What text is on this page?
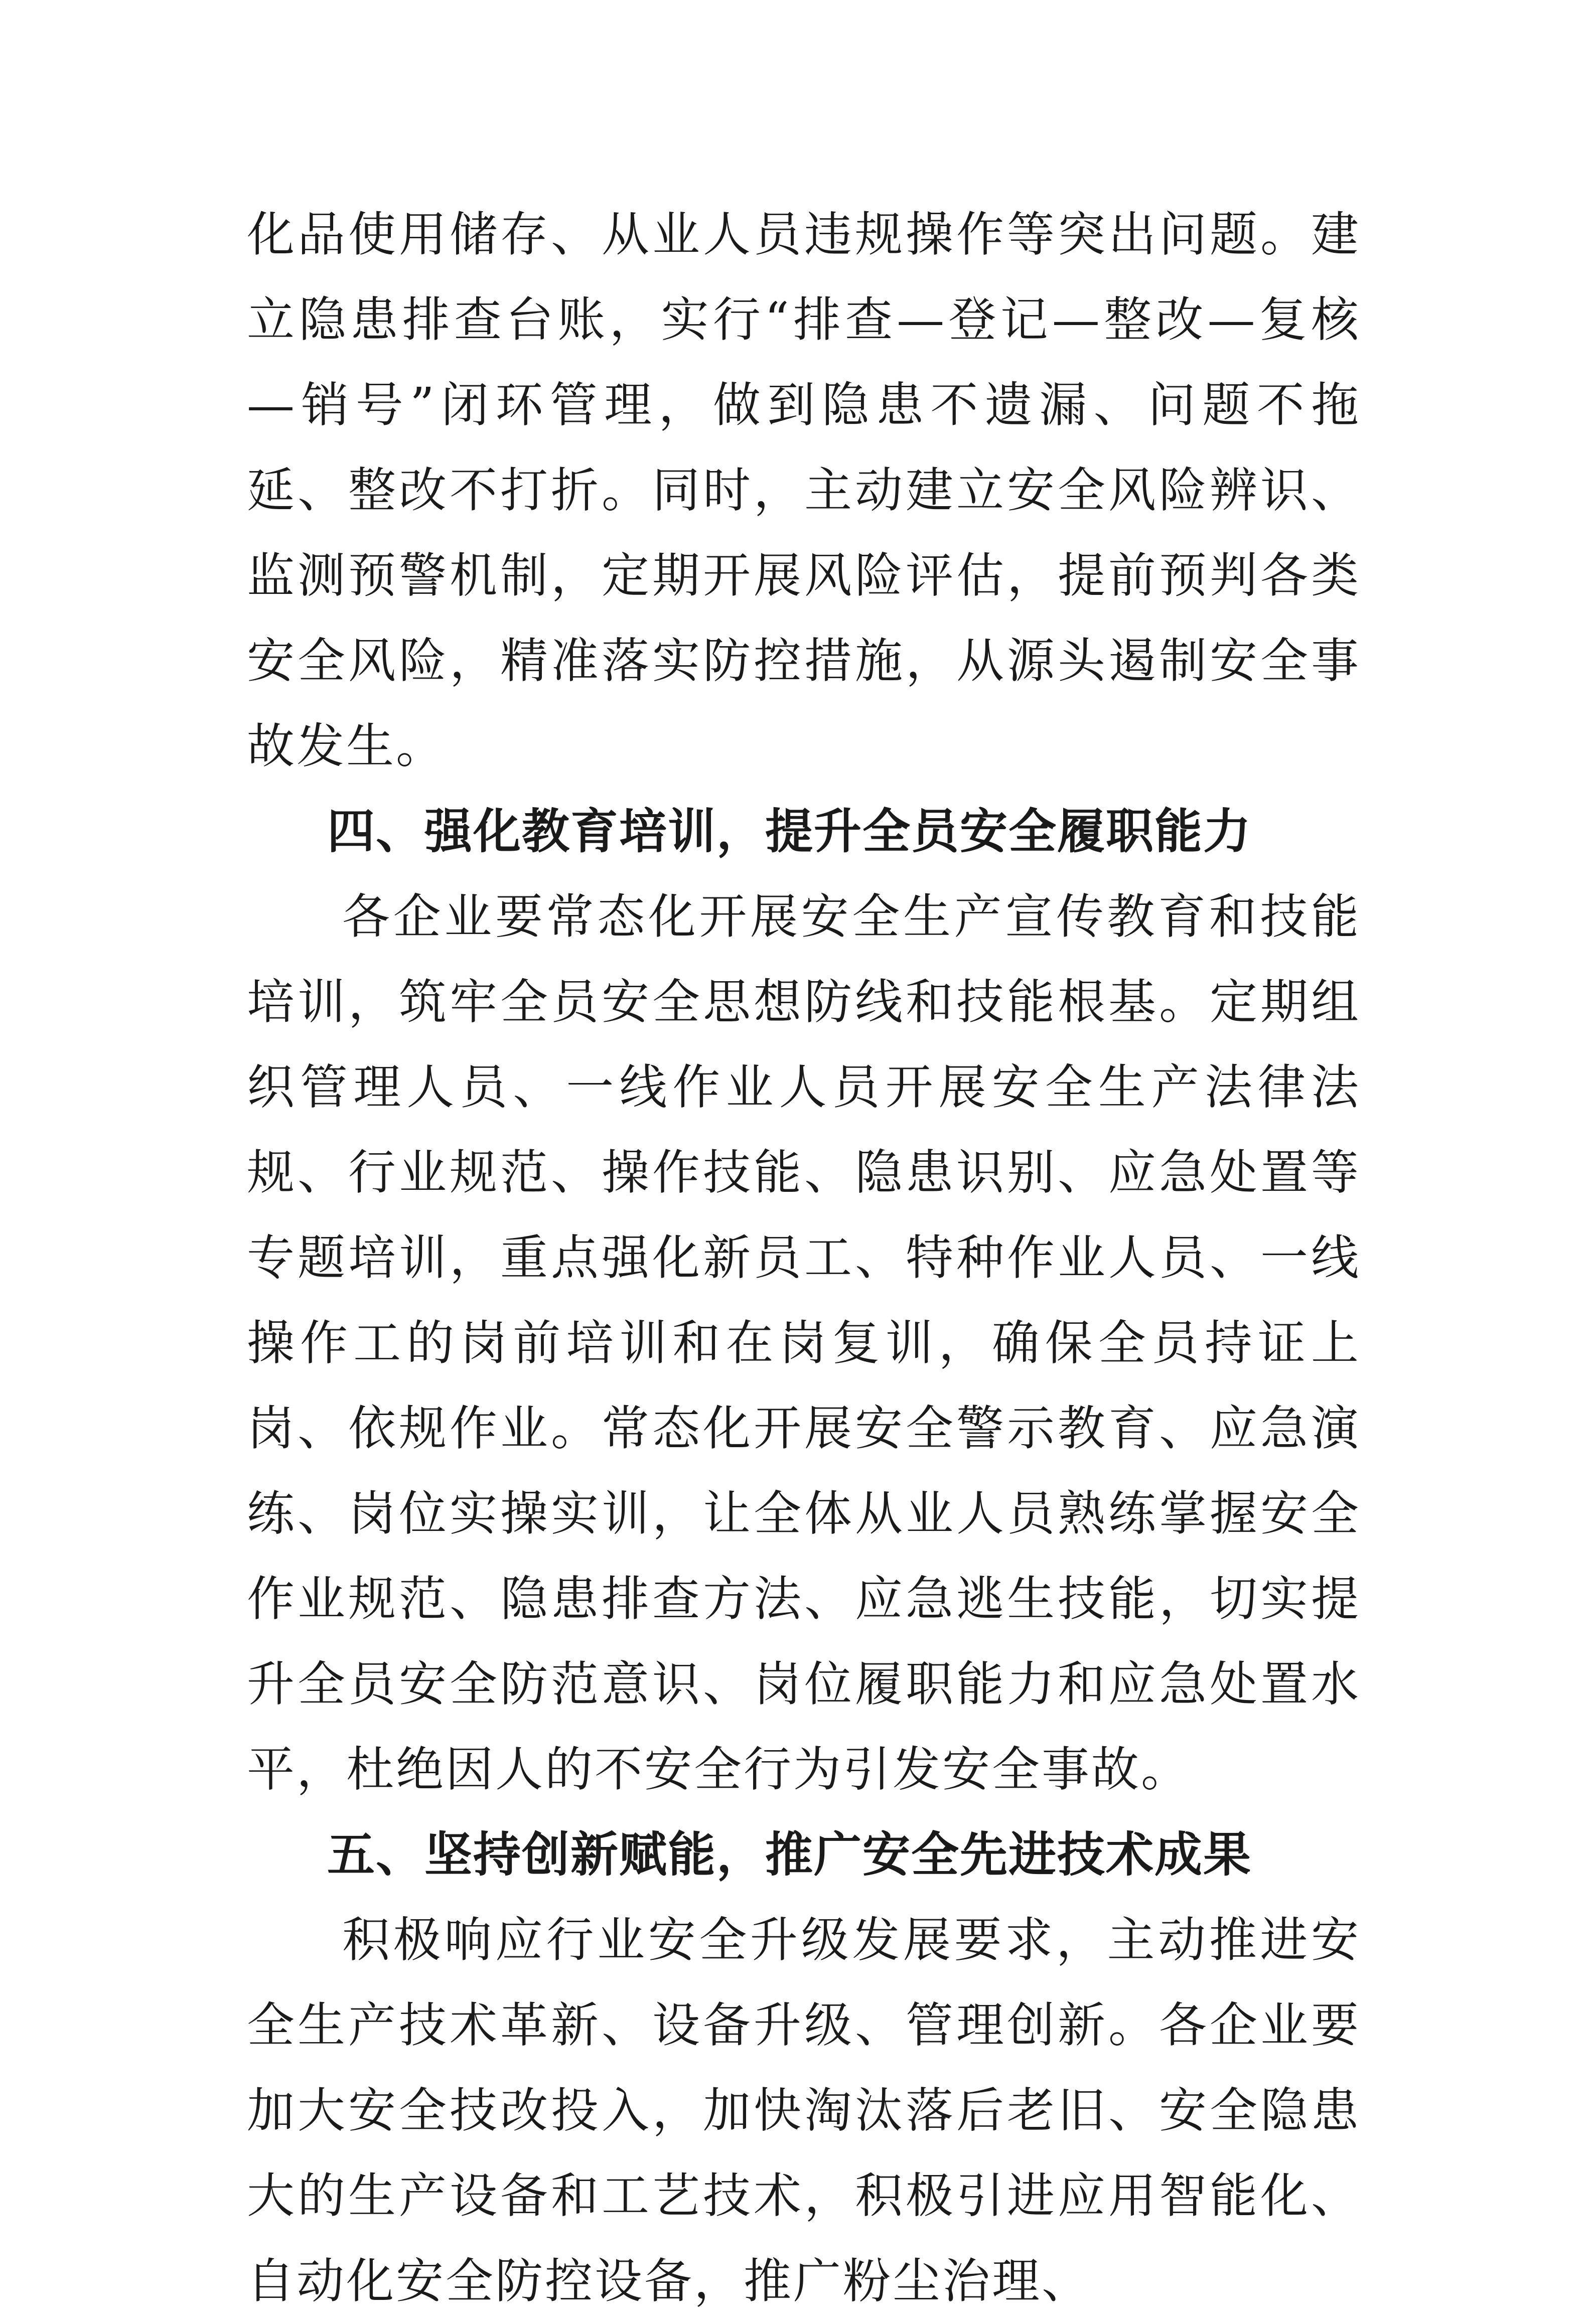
化品使用储存、从业人员违规操作等突出问题。建立隐患排查台账，实行“排查—登记—整改—复核—销号”闭环管理，做到隐患不遗漏、问题不拖延、整改不打折。同时，主动建立安全风险辨识、监测预警机制，定期开展风险评估，提前预判各类安全风险，精准落实防控措施，从源头遏制安全事故发生。

四、强化教育培训，提升全员安全履职能力

各企业要常态化开展安全生产宣传教育和技能培训，筑牢全员安全思想防线和技能根基。定期组织管理人员、一线作业人员开展安全生产法律法规、行业规范、操作技能、隐患识别、应急处置等专题培训，重点强化新员工、特种作业人员、一线操作工的岗前培训和在岗复训，确保全员持证上岗、依规作业。常态化开展安全警示教育、应急演练、岗位实操实训，让全体从业人员熟练掌握安全作业规范、隐患排查方法、应急逃生技能，切实提升全员安全防范意识、岗位履职能力和应急处置水平，杜绝因人的不安全行为引发安全事故。

五、坚持创新赋能，推广安全先进技术成果

积极响应行业安全升级发展要求，主动推进安全生产技术革新、设备升级、管理创新。各企业要加大安全技改投入，加快淘汰落后老旧、安全隐患大的生产设备和工艺技术，积极引进应用智能化、自动化安全防控设备，推广粉尘治理、
